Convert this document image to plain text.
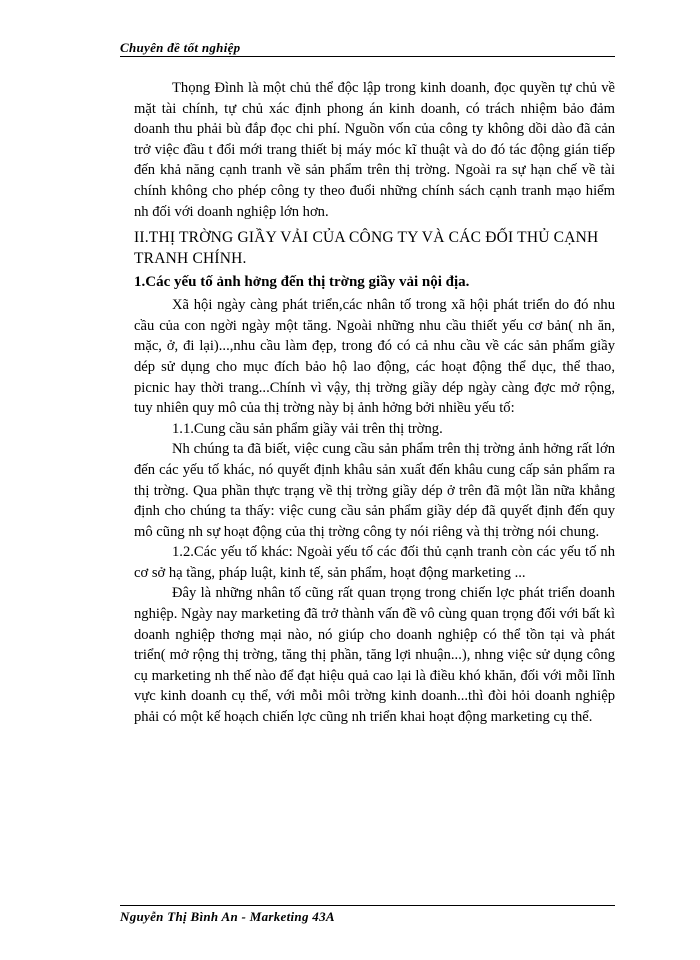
Chuyên đề tốt nghiệp

Thọng Đình là một chủ thể độc lập trong kinh doanh, đọc quyền tự chủ về mặt tài chính, tự chủ xác định phong án kinh doanh, có trách nhiệm bảo đảm doanh thu phải bù đắp đọc chi phí. Nguồn vốn của công ty không dồi dào đã cản trở việc đầu t đổi mới trang thiết bị máy móc kĩ thuật và do đó tác động gián tiếp đến khả năng cạnh tranh về sản phẩm trên thị trờng. Ngoài ra sự hạn chế về tài chính không cho phép công ty theo đuổi những chính sách cạnh tranh mạo hiểm nh đối với doanh nghiệp lớn hơn.

II.THỊ TRỜNG GIẦY VẢI CỦA CÔNG TY VÀ CÁC ĐỐI THỦ CẠNH TRANH CHÍNH.

1.Các yếu tố ảnh hởng đến thị trờng giầy vải nội địa.

Xã hội ngày càng phát triển,các nhân tố trong xã hội phát triển do đó nhu cầu của con ngời ngày một tăng. Ngoài những nhu cầu thiết yếu cơ bản( nh ăn, mặc, ở, đi lại)...,nhu cầu làm đẹp, trong đó có cả nhu cầu về các sản phẩm giầy dép sử dụng cho mục đích bảo hộ lao động, các hoạt động thể dục, thể thao, picnic hay thời trang...Chính vì vậy, thị trờng giầy dép ngày càng đợc mở rộng, tuy nhiên quy mô của thị trờng này bị ảnh hởng bởi nhiều yếu tố:

1.1.Cung cầu sản phẩm giầy vải trên thị trờng.

Nh chúng ta đã biết, việc cung cầu sản phẩm trên thị trờng ảnh hởng rất lớn đến các yếu tố khác, nó quyết định khâu sản xuất đến khâu cung cấp sản phẩm ra thị trờng. Qua phần thực trạng về thị trờng giầy dép ở trên đã một lần nữa khẳng định cho chúng ta thấy: việc cung cầu sản phẩm giầy dép đã quyết định đến quy mô cũng nh sự hoạt động của thị trờng công ty nói riêng và thị trờng nói chung.

1.2.Các yếu tố khác: Ngoài yếu tố các đối thủ cạnh tranh còn các yếu tố nh cơ sở hạ tầng, pháp luật, kinh tế, sản phẩm, hoạt động marketing ...

Đây là những nhân tố cũng rất quan trọng trong chiến lợc phát triển doanh nghiệp. Ngày nay marketing đã trở thành vấn đề vô cùng quan trọng đối với bất kì doanh nghiệp thơng mại nào, nó giúp cho doanh nghiệp có thể tồn tại và phát triển( mở rộng thị trờng, tăng thị phần, tăng lợi nhuận...), nhng việc sử dụng công cụ marketing nh thế nào để đạt hiệu quả cao lại là điều khó khăn, đối với mỗi lĩnh vực kinh doanh cụ thể, với mỗi môi trờng kinh doanh...thì đòi hỏi doanh nghiệp phải có một kế hoạch chiến lợc cũng nh triển khai hoạt động marketing cụ thể.

Nguyễn Thị Bình An - Marketing 43A
